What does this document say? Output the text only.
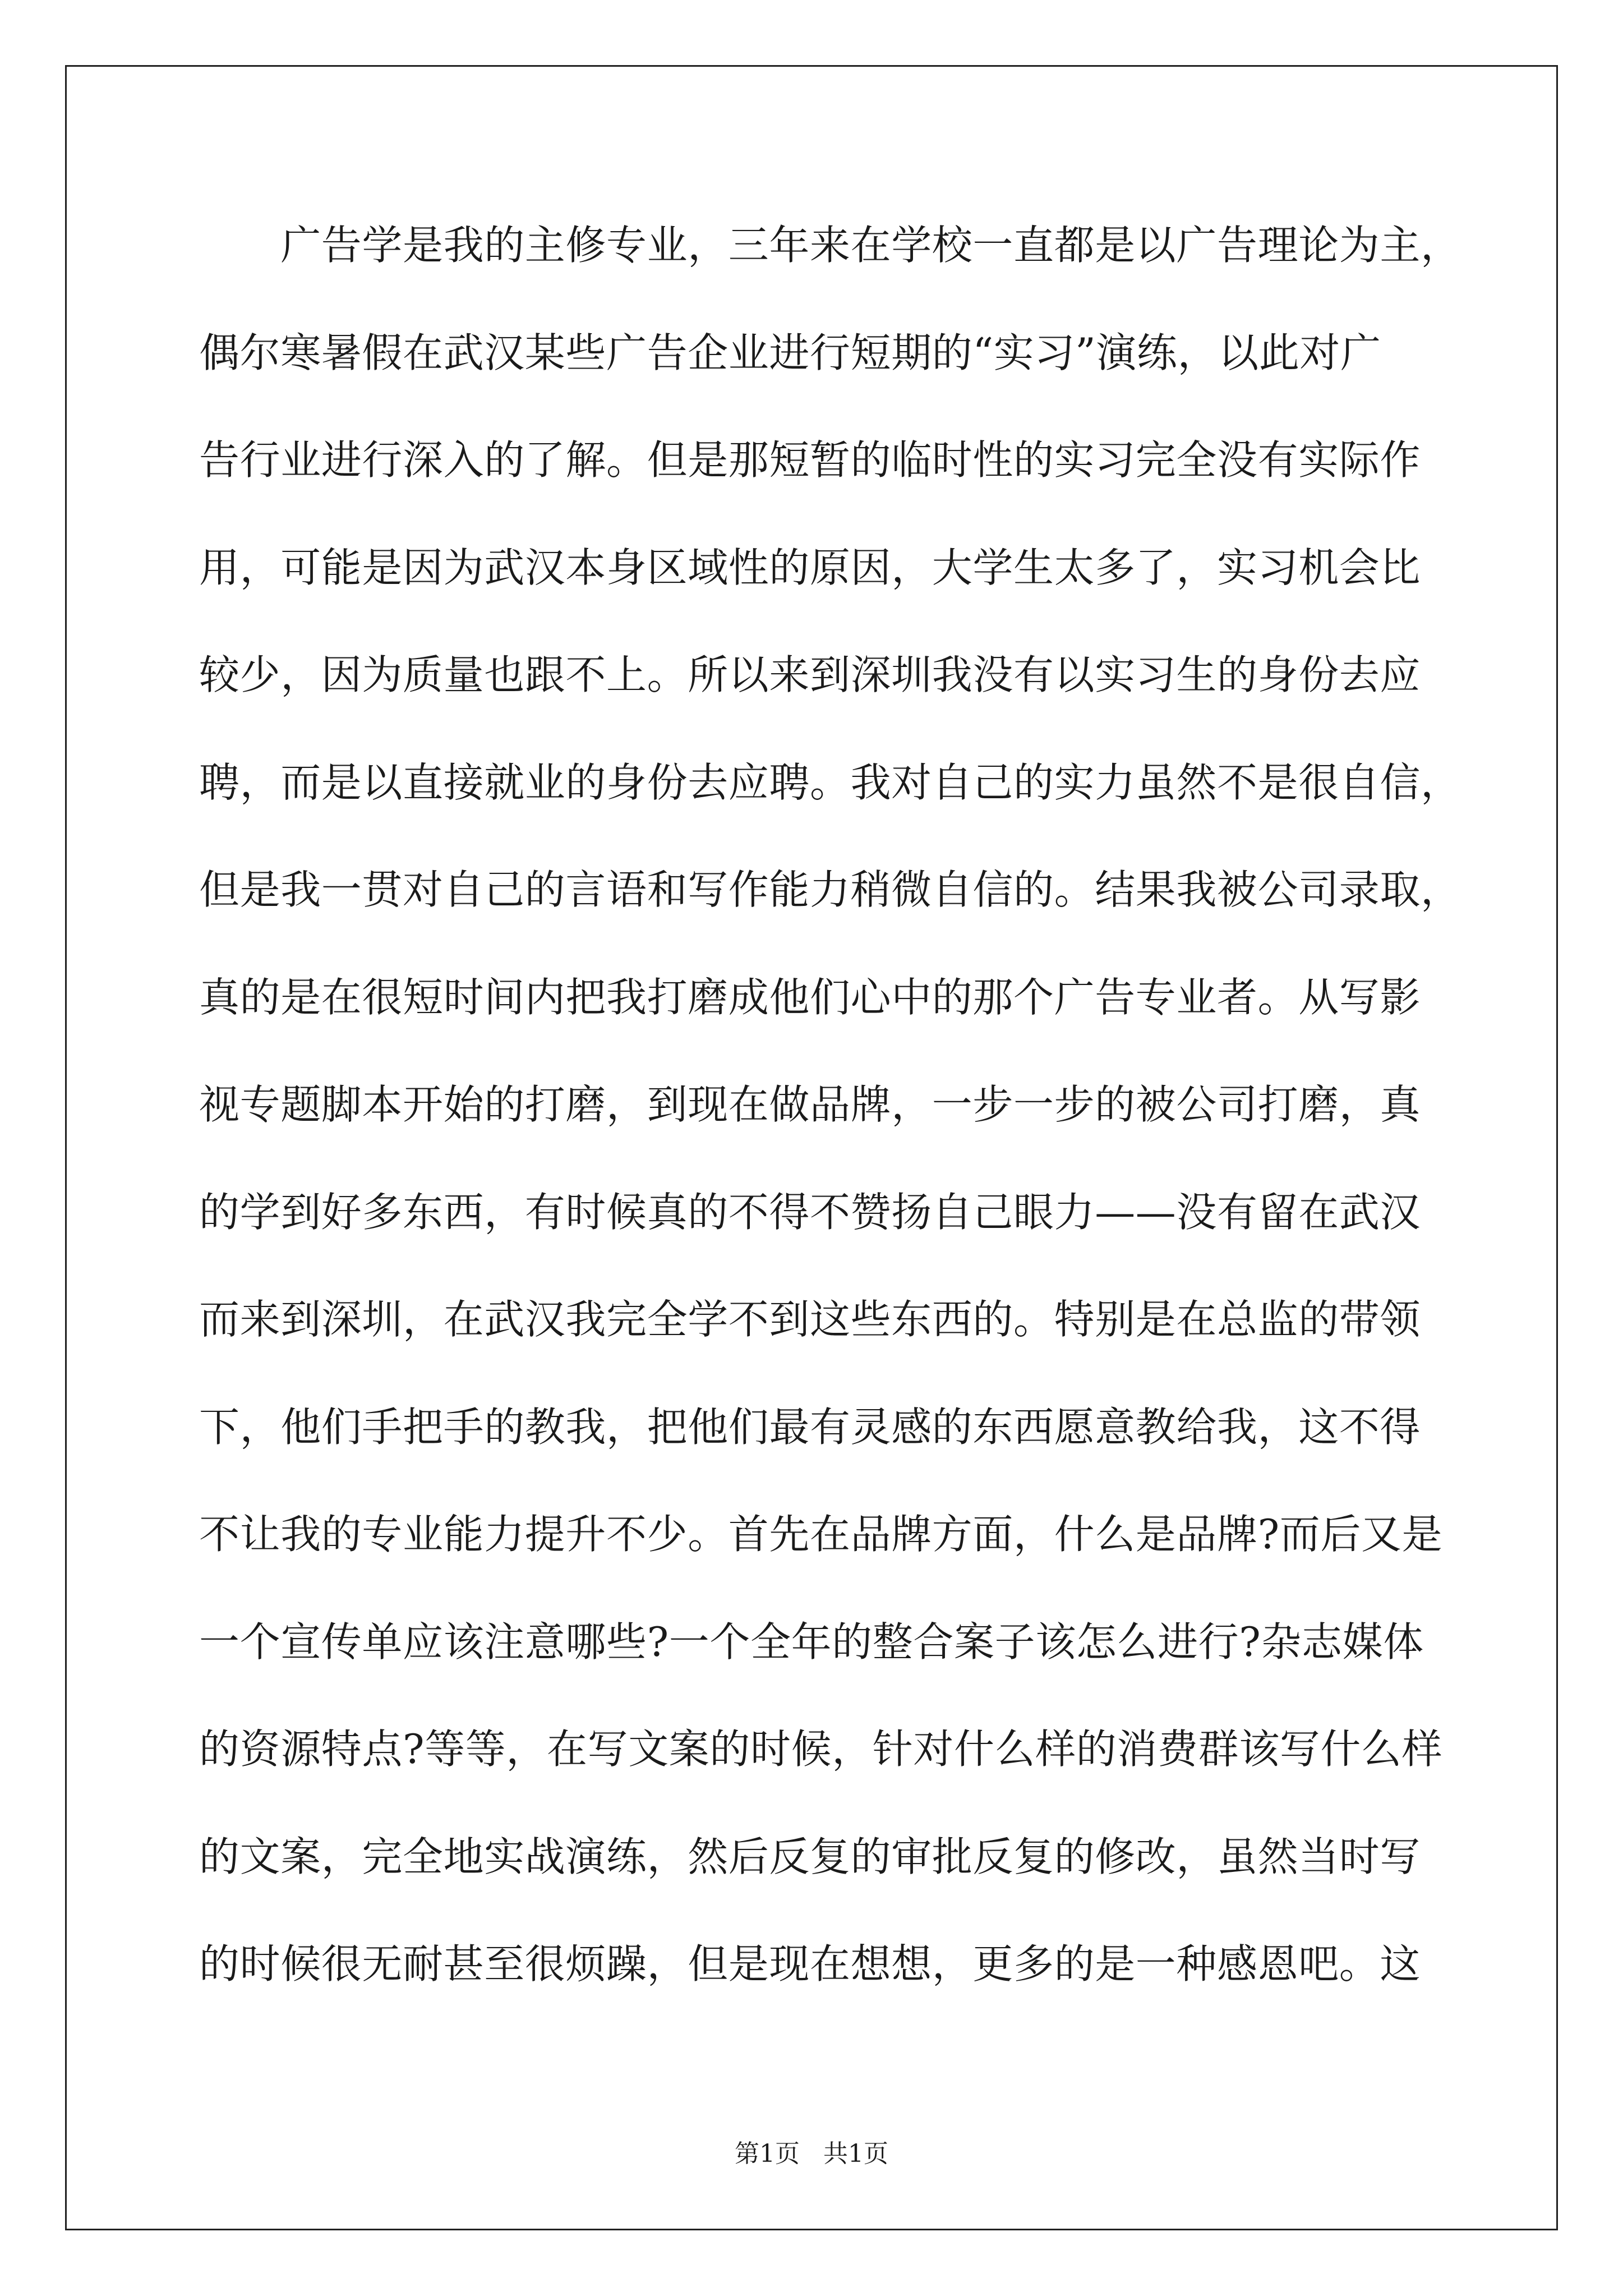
　　广告学是我的主修专业，三年来在学校一直都是以广告理论为主，
偶尔寒暑假在武汉某些广告企业进行短期的“实习”演练，以此对广
告行业进行深入的了解。但是那短暂的临时性的实习完全没有实际作
用，可能是因为武汉本身区域性的原因，大学生太多了，实习机会比
较少，因为质量也跟不上。所以来到深圳我没有以实习生的身份去应
聘，而是以直接就业的身份去应聘。我对自己的实力虽然不是很自信，
但是我一贯对自己的言语和写作能力稍微自信的。结果我被公司录取，
真的是在很短时间内把我打磨成他们心中的那个广告专业者。从写影
视专题脚本开始的打磨，到现在做品牌，一步一步的被公司打磨，真
的学到好多东西，有时候真的不得不赞扬自己眼力——没有留在武汉
而来到深圳，在武汉我完全学不到这些东西的。特别是在总监的带领
下，他们手把手的教我，把他们最有灵感的东西愿意教给我，这不得
不让我的专业能力提升不少。首先在品牌方面，什么是品牌?而后又是
一个宣传单应该注意哪些?一个全年的整合案子该怎么进行?杂志媒体
的资源特点?等等，在写文案的时候，针对什么样的消费群该写什么样
的文案，完全地实战演练，然后反复的审批反复的修改，虽然当时写
的时候很无耐甚至很烦躁，但是现在想想，更多的是一种感恩吧。这
第1页   共1页
